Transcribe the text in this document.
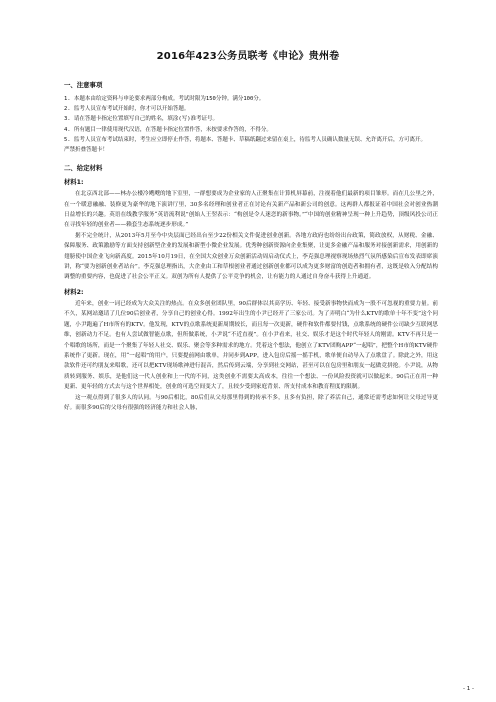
2016年423公务员联考《申论》贵州卷
一、注意事项

1. 本题本由给定资料与申论要求两部分构成。考试时限为150分钟。满分100分。

2. 监考人员宣布考试开始时，你才可以开始答题。

3. 请在答题卡指定位置填写自己的姓名，填涂(写)准考证号。

4. 所有题目一律使用现代汉语，在答题卡指定位置作答，未按要求作答的，不得分。

5. 监考人员宣布考试结束时，考生应立即停止作答，将题本、答题卡、草稿纸翻过来留在桌上，待监考人员确认数量无误、允许离开后，方可离开。

严禁折叠答题卡！

二、给定材料
材料1:

在北京西北部——林办公楼冷飕飕的地下室里，一群想要成为企业家的人正聚集在计算机屏幕前，注视着他们最新的项目雏形。而在几公里之外，在一个暖意融融、装修更为豪华的地下演讲厅里，30多名经理和创业者正在讨论有关新产品和新公司的创意。这两群人都报证着中国社会对创业热潮日益增长的兴趣。英语在线教学服务“英语流利说”创始人王翌表示：“构创是令人迷恋的新事物。”“中国的创业精神呈现一种上升趋势，顶级风投公司正在寻找年轻的创业者——赖套生态系统逐步形成。”

据不完全统计，从2013年5月至今中央层面已经出台至少22份相关文件促进创业创新。各地方政府也纷纷出台政策，简政放权，从财税、金融、保障服务、政策激励等方面支持创新型企业的发展和新型小微企业发展。优秀种创新资源向企业集聚，让更多金融产品和服务对接创新需求，用创新的翅膀使中国企业飞向新高度。2015年10月19日，在全国大众创业万众创新活动周启动仪式上，李克强总理视察现场热烈气氛所感染后宣布发表即席演讲，称“要为创新创业者站台”。李克强总理指出，大企业由工和草根创业者通过创新创业都可以成为更多财富的创造者和拥有者，这既是收入分配结构调整的重要内容，也促进了社会公平正义。双创为所有人提供了公平竞争的机会，让有能力的人通过自身奋斗获得上升通道。

材料2:

近年来，创业一词已经成为大众关注的热点。在众多创业团队里，90后群体以其高学历、年轻、接受新事物快而成为一股不可忽视的重要力量。前不久，某网站邀请了几位90后创业者，分享自己的创业心得。1992年出生的小尹已经开了三家公司。为了弄明白“为什么KTV的歌单十年不变”这个问题，小尹跑遍了H市所有的KTV。他发现，KTV的点歌系统更新周期较长，而且每一次更新，硬件和软件都要付钱，点歌系统的硬件公司缺少互联网思维，创新动力不足。也有人尝试做智能点歌，但所做系统，小尹说“不近直视”。在小尹看来，社交、娱乐才是这个时代年轻人的刚需。KTV不再只是一个唱歌的场所，而是一个聚集了年轻人社交、娱乐、聚会等多种需求的地方。凭着这个想法，他创立了KTV团购APP“一起唱”，把整个H市的KTV硬件系统作了更新。现在，用“一起唱”的用户，只要提前网由歌单，并同步到APP，进入包房后摇一摇手机，歌单便自动导入了点歌盘了。除此之外，用这款软件还可约朋友来唱歌，还可以把KTV现场歌神进行混音，然后传到云端，分享到社交网站，甚至可以在包房里和朋友一起做竞拼抢。小尹说，从物质转到服务、娱乐，是他们这一代人创业和上一代的不同，这类创业不需要太高成本，往往一个想法、一份风险投资就可以做起来。90后正在用一种更新、更年轻的方式去与这个世界相处，创业的可选空间变大了，且较少受到家庭背景、所支付成本和教育程度的限制。

这一观点得到了很多人的认同。与90后相比，80后们从父母那里得到的传承不多，且多有负担，除了养活自己，通常还需考虑如何让父母过导更好。而很多90后的父母有很强的经济能力和社会人脉，

- 1 -
